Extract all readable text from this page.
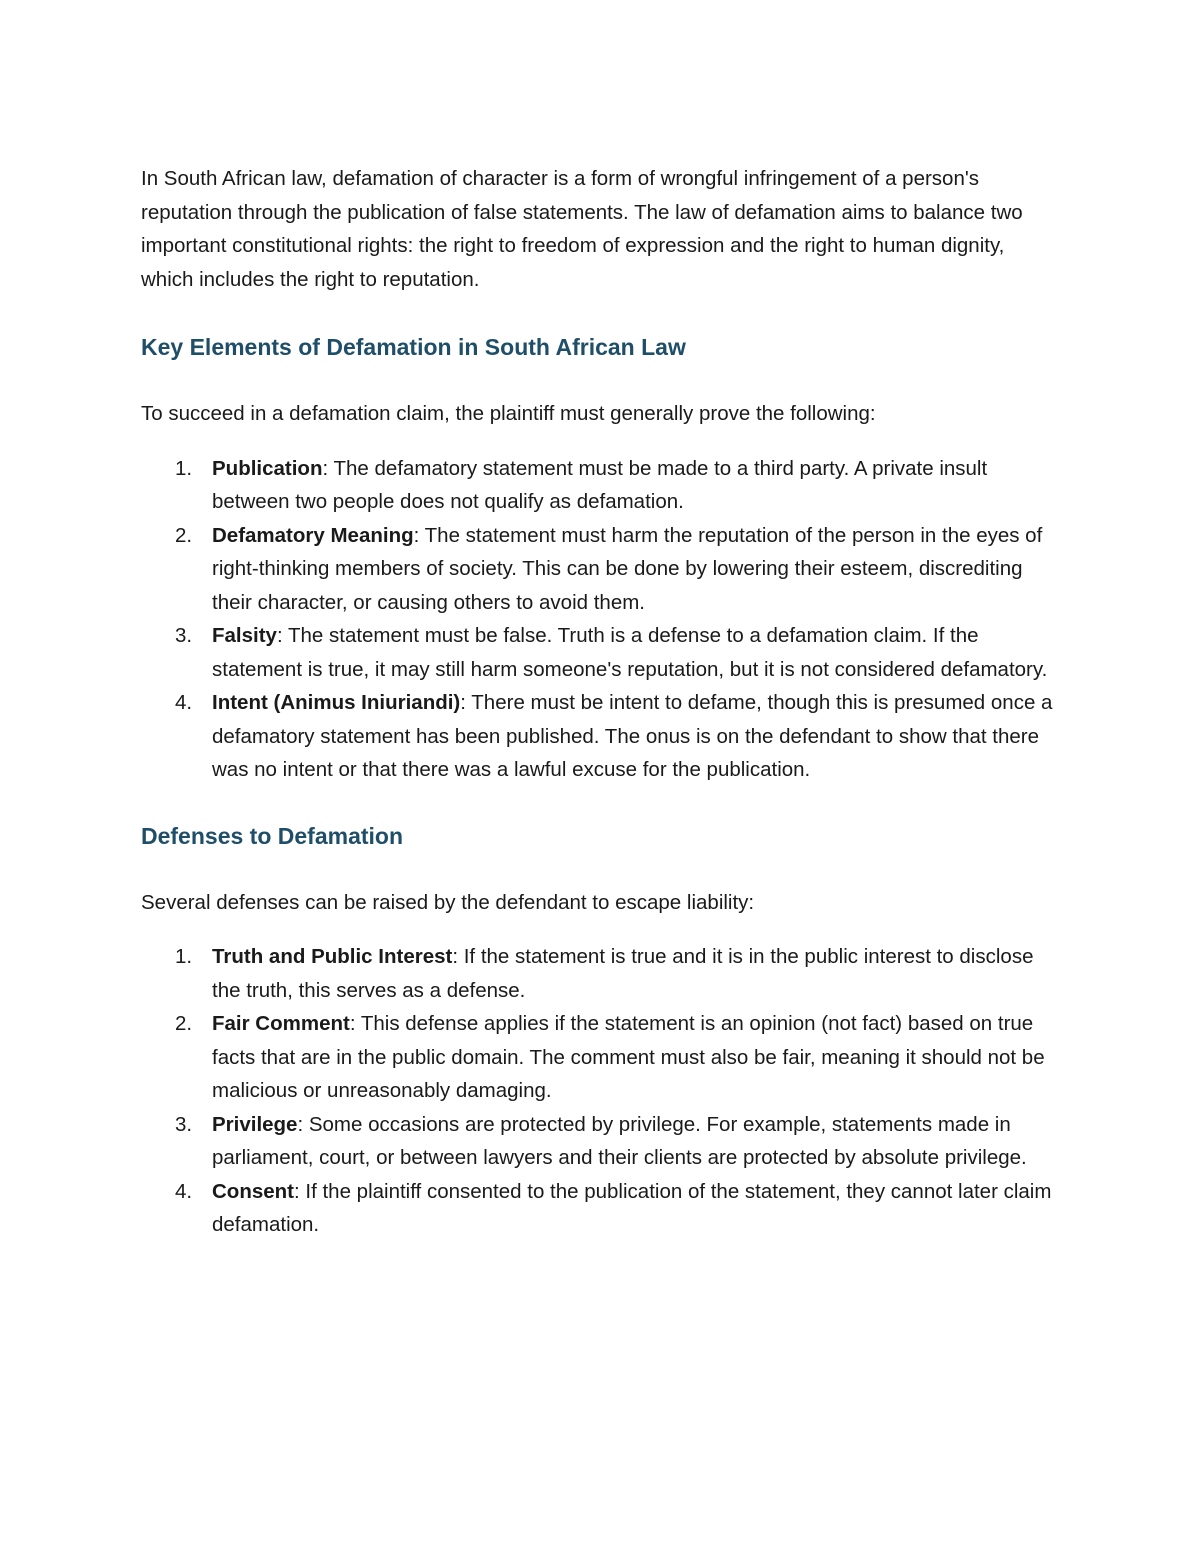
In South African law, defamation of character is a form of wrongful infringement of a person's reputation through the publication of false statements. The law of defamation aims to balance two important constitutional rights: the right to freedom of expression and the right to human dignity, which includes the right to reputation.

Key Elements of Defamation in South African Law

To succeed in a defamation claim, the plaintiff must generally prove the following:

1. Publication: The defamatory statement must be made to a third party. A private insult between two people does not qualify as defamation.
2. Defamatory Meaning: The statement must harm the reputation of the person in the eyes of right-thinking members of society. This can be done by lowering their esteem, discrediting their character, or causing others to avoid them.
3. Falsity: The statement must be false. Truth is a defense to a defamation claim. If the statement is true, it may still harm someone's reputation, but it is not considered defamatory.
4. Intent (Animus Iniuriandi): There must be intent to defame, though this is presumed once a defamatory statement has been published. The onus is on the defendant to show that there was no intent or that there was a lawful excuse for the publication.
Defenses to Defamation

Several defenses can be raised by the defendant to escape liability:

1. Truth and Public Interest: If the statement is true and it is in the public interest to disclose the truth, this serves as a defense.
2. Fair Comment: This defense applies if the statement is an opinion (not fact) based on true facts that are in the public domain. The comment must also be fair, meaning it should not be malicious or unreasonably damaging.
3. Privilege: Some occasions are protected by privilege. For example, statements made in parliament, court, or between lawyers and their clients are protected by absolute privilege.
4. Consent: If the plaintiff consented to the publication of the statement, they cannot later claim defamation.
